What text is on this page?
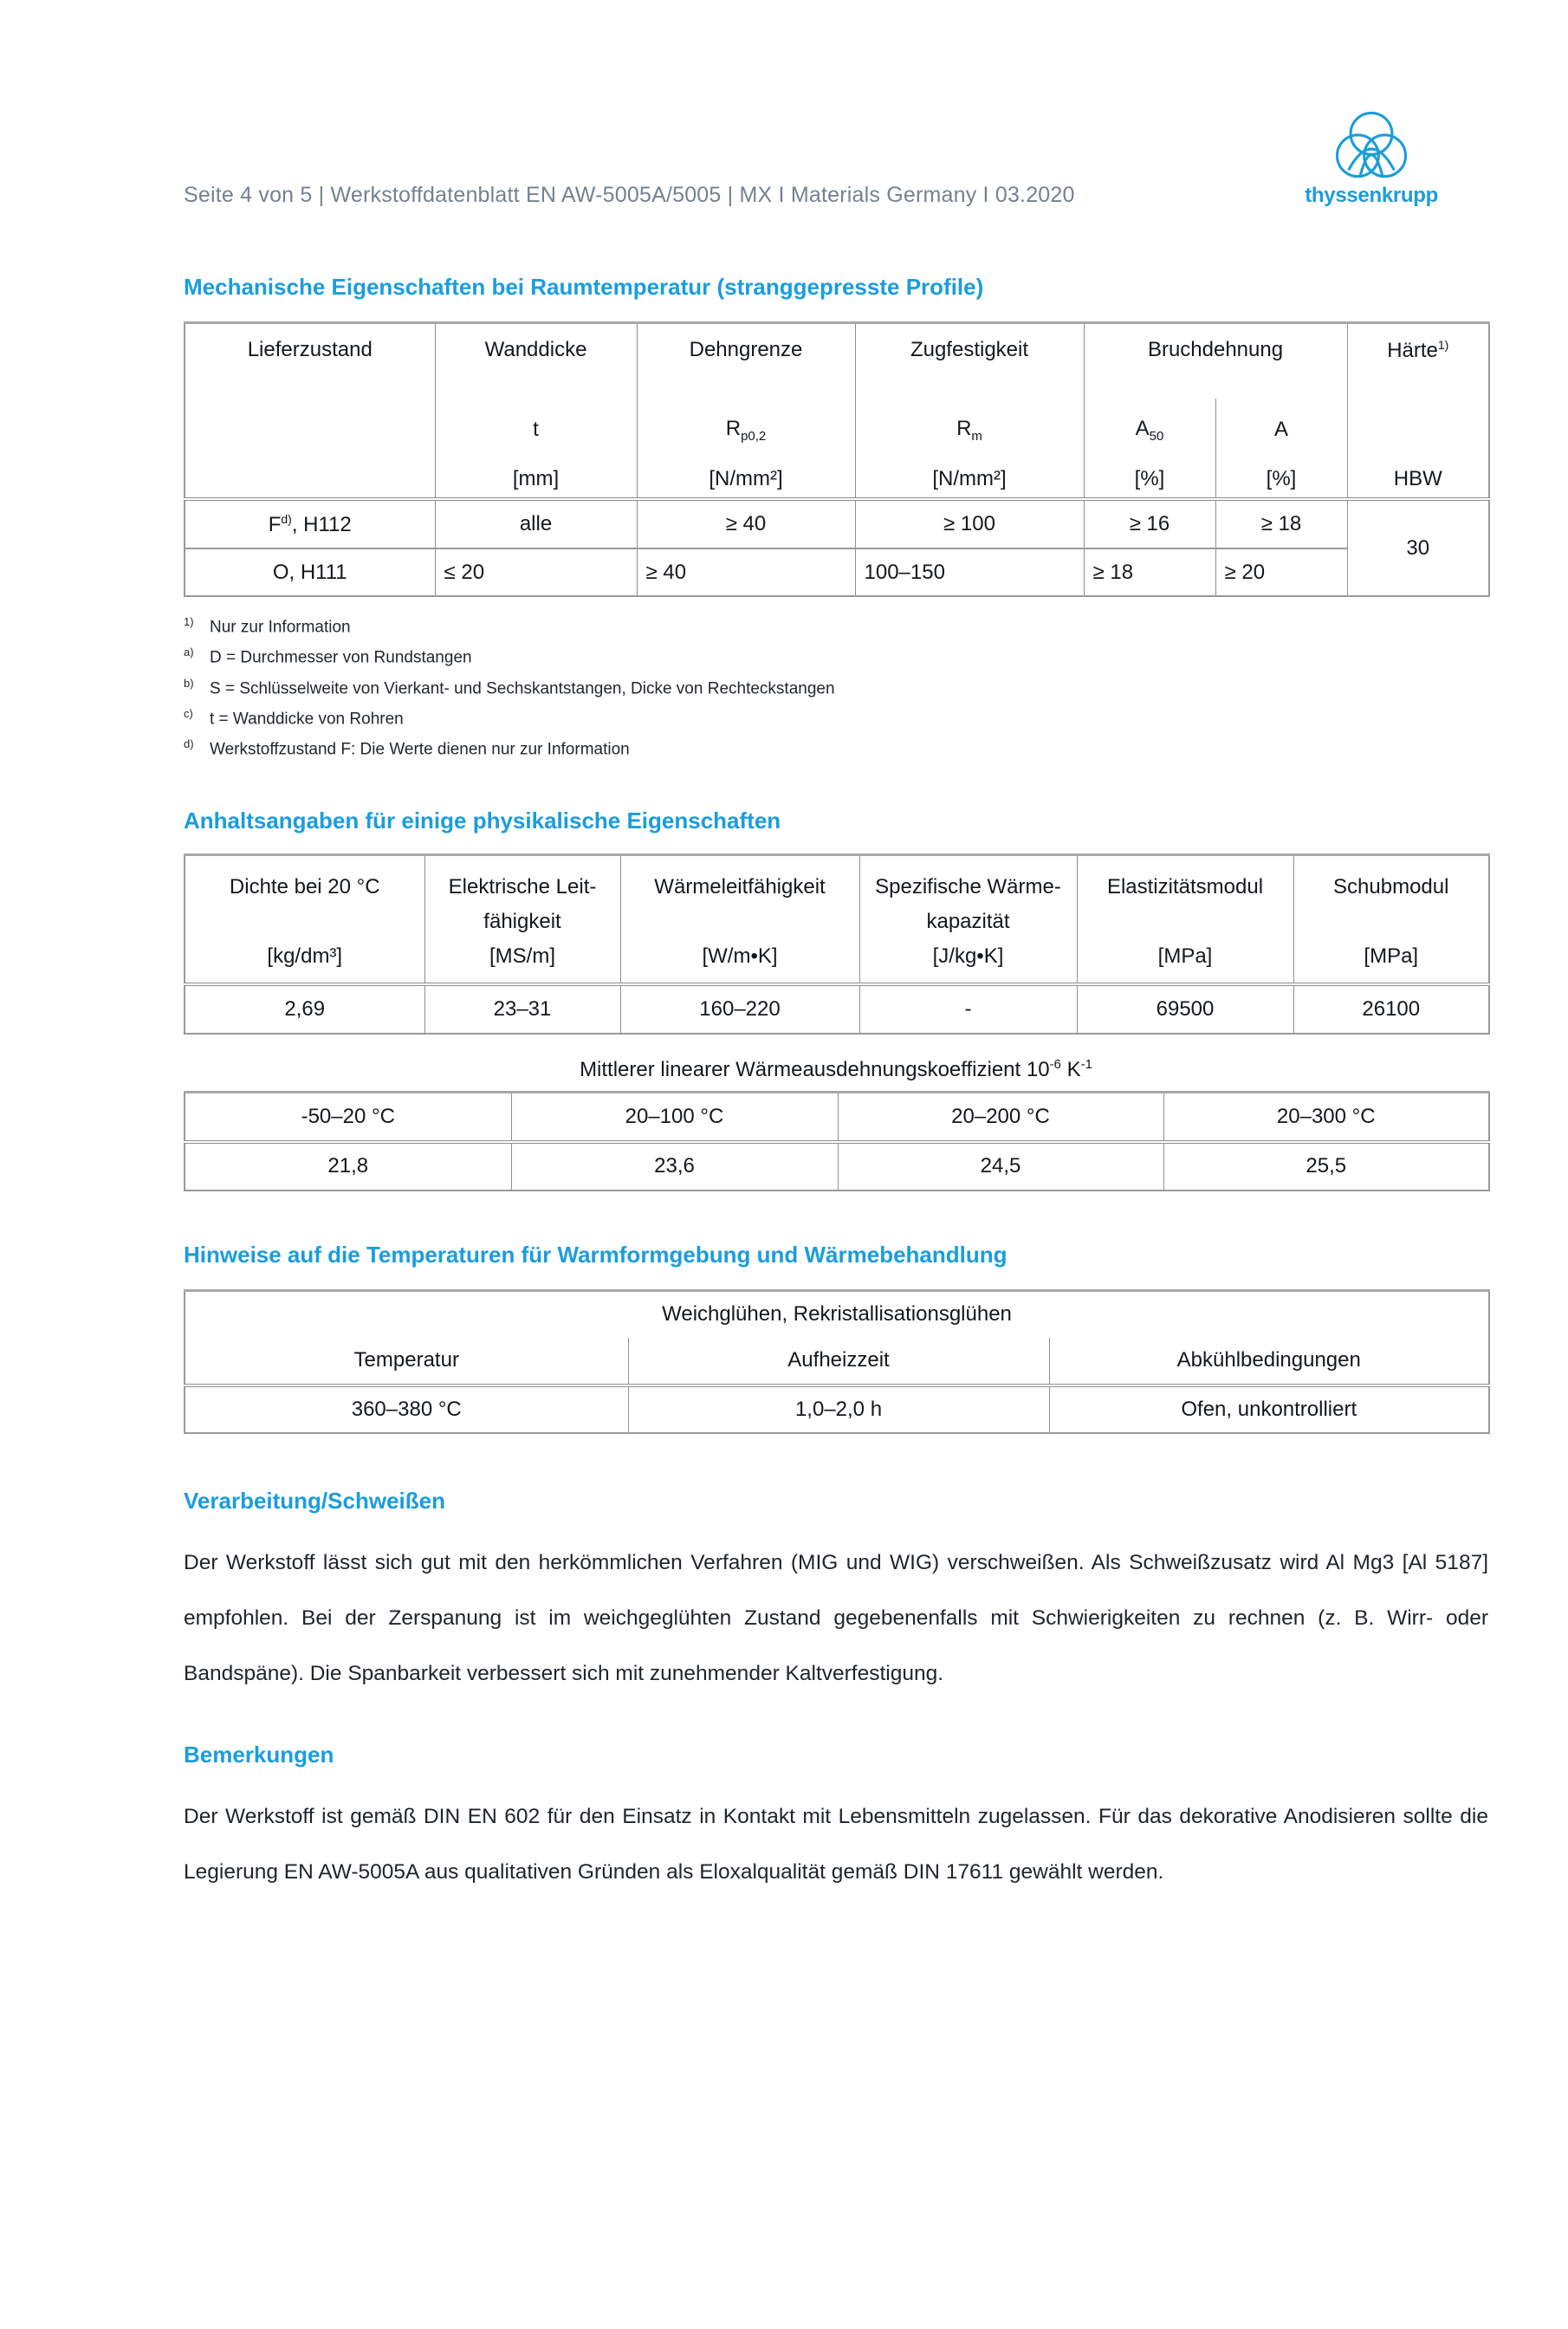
Seite 4 von 5 | Werkstoffdatenblatt EN AW-5005A/5005 | MX I Materials Germany I 03.2020	thyssenkrupp
Mechanische Eigenschaften bei Raumtemperatur (stranggepresste Profile)
Lieferzustand	Wanddicke	Dehngrenze	Zugfestigkeit	Bruchdehnung		Härte$^{1)}$
	t	$R_{p0,2}$	$R_m$	$A_{50}$	A	
	[mm]	[N/mm²]	[N/mm²]	[%]	[%]	HBW
$F^{d)}$, H112	alle	≥ 40	≥ 100	≥ 16	≥ 18	30
O, H111	≤ 20	≥ 40	100–150	≥ 18	≥ 20	
$^{1)}$ Nur zur Information
$^{a)}$ D = Durchmesser von Rundstangen
$^{b)}$ S = Schlüsselweite von Vierkant- und Sechskantstangen, Dicke von Rechteckstangen
$^{c)}$ t = Wanddicke von Rohren
$^{d)}$ Werkstoffzustand F: Die Werte dienen nur zur Information
Anhaltsangaben für einige physikalische Eigenschaften
Dichte bei 20 °C	Elektrische Leit- fähigkeit	Wärmeleitfähigkeit	Spezifische Wärme- kapazität	Elastizitätsmodul	Schubmodul
[kg/dm³]	[MS/m]	[W/m•K]	[J/kg•K]	[MPa]	[MPa]
2,69	23–31	160–220	-	69500	26100
Mittlerer linearer Wärmeausdehnungskoeffizient $10^{-6}$ $K^{-1}$
-50–20 °C	20–100 °C	20–200 °C	20–300 °C
21,8	23,6	24,5	25,5
Hinweise auf die Temperaturen für Warmformgebung und Wärmebehandlung
Weichglühen, Rekristallisationsglühen		
Temperatur	Aufheizzeit	Abkühlbedingungen
360–380 °C	1,0–2,0 h	Ofen, unkontrolliert
Verarbeitung/Schweißen
Der Werkstoff lässt sich gut mit den herkömmlichen Verfahren (MIG und WIG) verschweißen. Als Schweißzusatz wird Al Mg3 [Al 5187] empfohlen. Bei der Zerspanung ist im weichgeglühten Zustand gegebenenfalls mit Schwierigkeiten zu rechnen (z. B. Wirr- oder Bandspäne). Die Spanbarkeit verbessert sich mit zunehmender Kaltverfestigung.
Bemerkungen
Der Werkstoff ist gemäß DIN EN 602 für den Einsatz in Kontakt mit Lebensmitteln zugelassen. Für das dekorative Anodisieren sollte die Legierung EN AW-5005A aus qualitativen Gründen als Eloxalqualität gemäß DIN 17611 gewählt werden.
